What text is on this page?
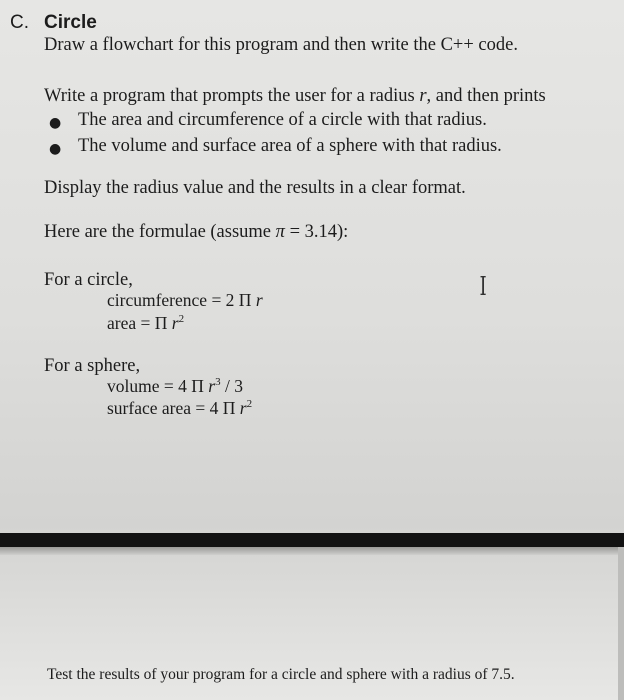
C. Circle
Draw a flowchart for this program and then write the C++ code.
Write a program that prompts the user for a radius r, and then prints
● The area and circumference of a circle with that radius.
● The volume and surface area of a sphere with that radius.
Display the radius value and the results in a clear format.
Here are the formulae (assume π = 3.14):
For a circle,
circumference = 2 Π r
area = Π $r^2$
I
For a sphere,
volume = 4 Π $r^3 / 3$
surface area = 4 Π $r^2$
Test the results of your program for a circle and sphere with a radius of 7.5.
